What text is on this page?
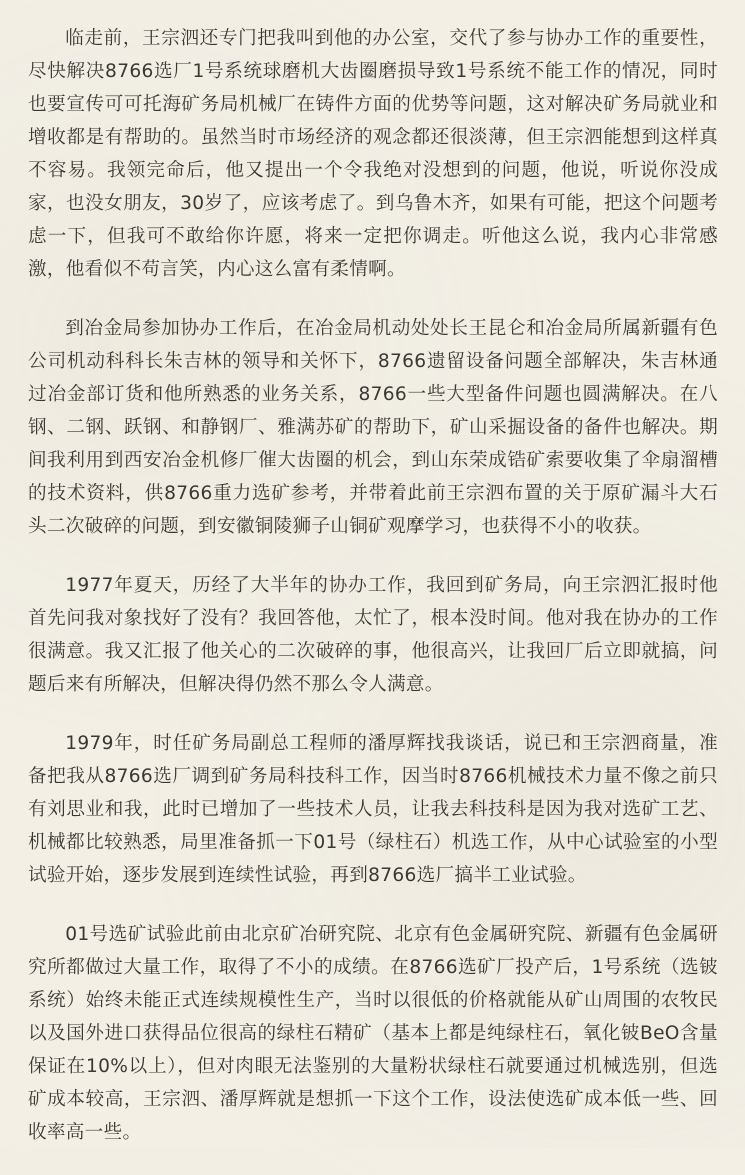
临走前，王宗泗还专门把我叫到他的办公室，交代了参与协办工作的重要性，尽快解决8766选厂1号系统球磨机大齿圈磨损导致1号系统不能工作的情况，同时也要宣传可可托海矿务局机械厂在铸件方面的优势等问题，这对解决矿务局就业和增收都是有帮助的。虽然当时市场经济的观念都还很淡薄，但王宗泗能想到这样真不容易。我领完命后，他又提出一个令我绝对没想到的问题，他说，听说你没成家，也没女朋友，30岁了，应该考虑了。到乌鲁木齐，如果有可能，把这个问题考虑一下，但我可不敢给你许愿，将来一定把你调走。听他这么说，我内心非常感激，他看似不苟言笑，内心这么富有柔情啊。

到冶金局参加协办工作后，在冶金局机动处处长王昆仑和冶金局所属新疆有色公司机动科科长朱吉林的领导和关怀下，8766遗留设备问题全部解决，朱吉林通过冶金部订货和他所熟悉的业务关系，8766一些大型备件问题也圆满解决。在八钢、二钢、跃钢、和静钢厂、雅满苏矿的帮助下，矿山采掘设备的备件也解决。期间我利用到西安冶金机修厂催大齿圈的机会，到山东荣成锆矿索要收集了伞扇溜槽的技术资料，供8766重力选矿参考，并带着此前王宗泗布置的关于原矿漏斗大石头二次破碎的问题，到安徽铜陵狮子山铜矿观摩学习，也获得不小的收获。

1977年夏天，历经了大半年的协办工作，我回到矿务局，向王宗泗汇报时他首先问我对象找好了没有？我回答他，太忙了，根本没时间。他对我在协办的工作很满意。我又汇报了他关心的二次破碎的事，他很高兴，让我回厂后立即就搞，问题后来有所解决，但解决得仍然不那么令人满意。

1979年，时任矿务局副总工程师的潘厚辉找我谈话，说已和王宗泗商量，准备把我从8766选厂调到矿务局科技科工作，因当时8766机械技术力量不像之前只有刘思业和我，此时已增加了一些技术人员，让我去科技科是因为我对选矿工艺、机械都比较熟悉，局里准备抓一下01号（绿柱石）机选工作，从中心试验室的小型试验开始，逐步发展到连续性试验，再到8766选厂搞半工业试验。

01号选矿试验此前由北京矿冶研究院、北京有色金属研究院、新疆有色金属研究所都做过大量工作，取得了不小的成绩。在8766选矿厂投产后，1号系统（选铍系统）始终未能正式连续规模性生产，当时以很低的价格就能从矿山周围的农牧民以及国外进口获得品位很高的绿柱石精矿（基本上都是纯绿柱石，氧化铍BeO含量保证在10%以上），但对肉眼无法鉴别的大量粉状绿柱石就要通过机械选别，但选矿成本较高，王宗泗、潘厚辉就是想抓一下这个工作，设法使选矿成本低一些、回收率高一些。
